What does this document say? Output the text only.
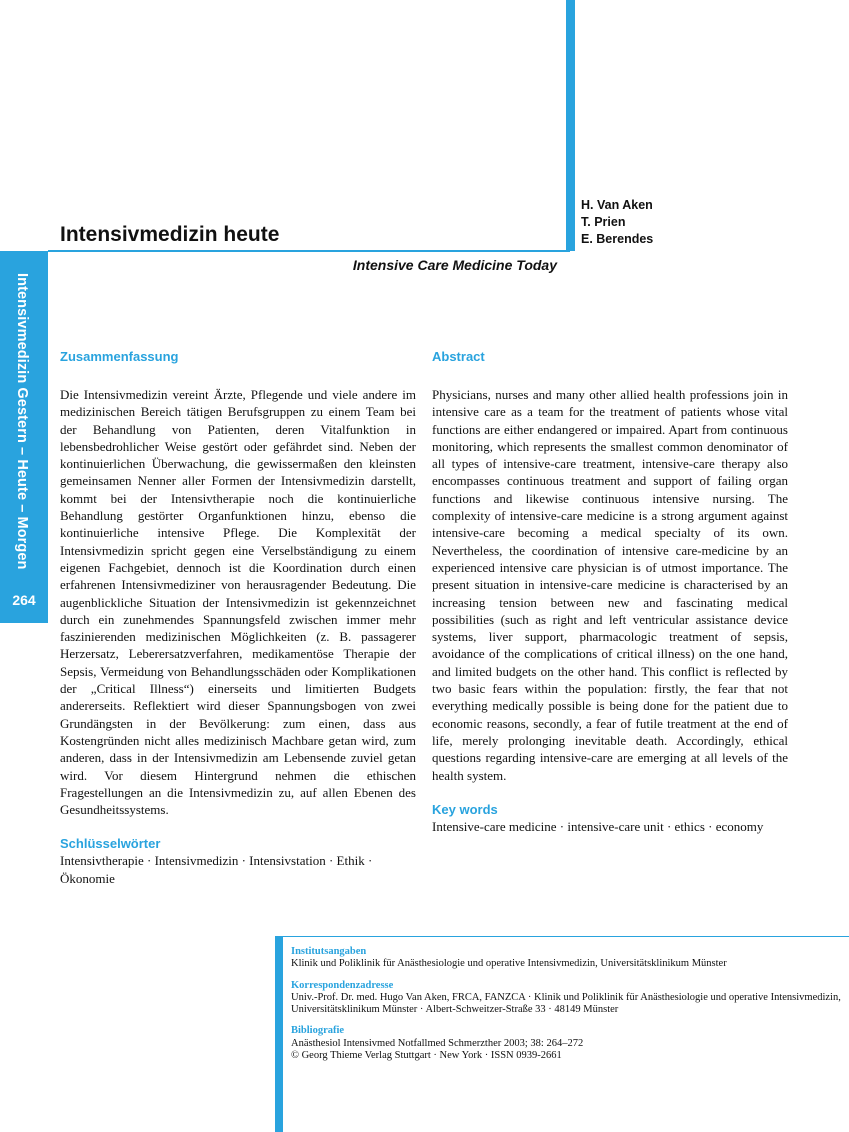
Intensivmedizin Gestern – Heute – Morgen
264
Intensivmedizin heute
Intensive Care Medicine Today
H. Van Aken
T. Prien
E. Berendes
Zusammenfassung

Die Intensivmedizin vereint Ärzte, Pflegende und viele andere im medizinischen Bereich tätigen Berufsgruppen zu einem Team bei der Behandlung von Patienten, deren Vitalfunktion in lebensbedrohlicher Weise gestört oder gefährdet sind. Neben der kontinuierlichen Überwachung, die gewissermaßen den kleinsten gemeinsamen Nenner aller Formen der Intensivmedizin darstellt, kommt bei der Intensivtherapie noch die kontinuierliche Behandlung gestörter Organfunktionen hinzu, ebenso die kontinuierliche intensive Pflege. Die Komplexität der Intensivmedizin spricht gegen eine Verselbständigung zu einem eigenen Fachgebiet, dennoch ist die Koordination durch einen erfahrenen Intensivmediziner von herausragender Bedeutung. Die augenblickliche Situation der Intensivmedizin ist gekennzeichnet durch ein zunehmendes Spannungsfeld zwischen immer mehr faszinierenden medizinischen Möglichkeiten (z. B. passagerer Herzersatz, Leberersatzverfahren, medikamentöse Therapie der Sepsis, Vermeidung von Behandlungsschäden oder Komplikationen der „Critical Illness“) einerseits und limitierten Budgets andererseits. Reflektiert wird dieser Spannungsbogen von zwei Grundängsten in der Bevölkerung: zum einen, dass aus Kostengründen nicht alles medizinisch Machbare getan wird, zum anderen, dass in der Intensivmedizin am Lebensende zuviel getan wird. Vor diesem Hintergrund nehmen die ethischen Fragestellungen an die Intensivmedizin zu, auf allen Ebenen des Gesundheitssystems.

Schlüsselwörter

Intensivtherapie · Intensivmedizin · Intensivstation · Ethik · Ökonomie

Abstract

Physicians, nurses and many other allied health professions join in intensive care as a team for the treatment of patients whose vital functions are either endangered or impaired. Apart from continuous monitoring, which represents the smallest common denominator of all types of intensive-care treatment, intensive-care therapy also encompasses continuous treatment and support of failing organ functions and likewise continuous intensive nursing. The complexity of intensive-care medicine is a strong argument against intensive-care becoming a medical specialty of its own. Nevertheless, the coordination of intensive care-medicine by an experienced intensive care physician is of utmost importance. The present situation in intensive-care medicine is characterised by an increasing tension between new and fascinating medical possibilities (such as right and left ventricular assistance device systems, liver support, pharmacologic treatment of sepsis, avoidance of the complications of critical illness) on the one hand, and limited budgets on the other hand. This conflict is reflected by two basic fears within the population: firstly, the fear that not everything medically possible is being done for the patient due to economic reasons, secondly, a fear of futile treatment at the end of life, merely prolonging inevitable death. Accordingly, ethical questions regarding intensive-care are emerging at all levels of the health system.

Key words

Intensive-care medicine · intensive-care unit · ethics · economy

Institutsangaben
Klinik und Poliklinik für Anästhesiologie und operative Intensivmedizin, Universitätsklinikum Münster
Korrespondenzadresse
Univ.-Prof. Dr. med. Hugo Van Aken, FRCA, FANZCA · Klinik und Poliklinik für Anästhesiologie und operative Intensivmedizin, Universitätsklinikum Münster · Albert-Schweitzer-Straße 33 · 48149 Münster
Bibliografie
Anästhesiol Intensivmed Notfallmed Schmerzther 2003; 38: 264–272
© Georg Thieme Verlag Stuttgart · New York · ISSN 0939-2661
